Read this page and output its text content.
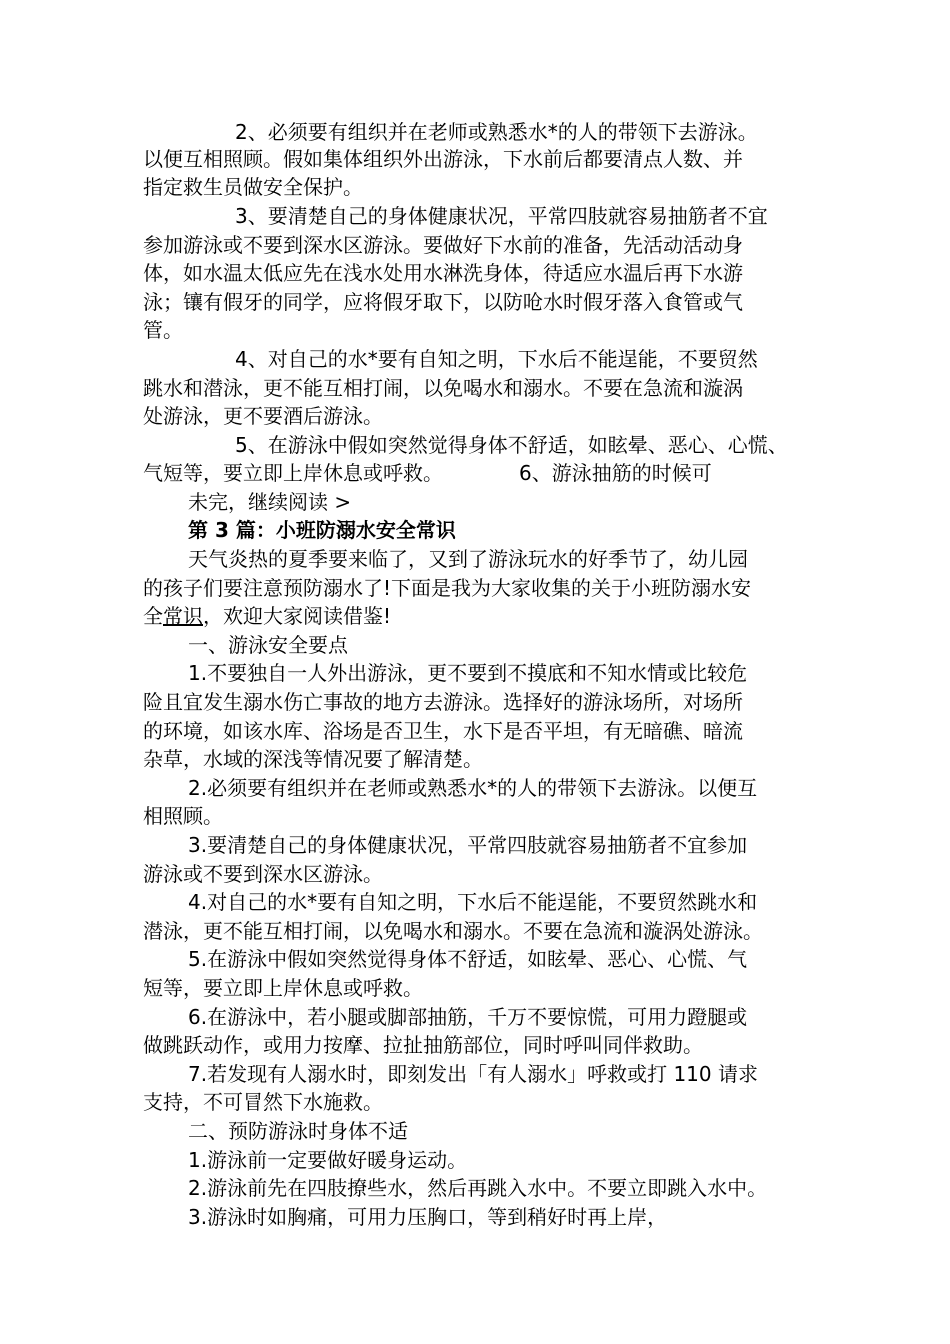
2、必须要有组织并在老师或熟悉水*的人的带领下去游泳。
以便互相照顾。假如集体组织外出游泳，下水前后都要清点人数、并
指定救生员做安全保护。
3、要清楚自己的身体健康状况，平常四肢就容易抽筋者不宜
参加游泳或不要到深水区游泳。要做好下水前的准备，先活动活动身
体，如水温太低应先在浅水处用水淋洗身体，待适应水温后再下水游
泳；镶有假牙的同学，应将假牙取下，以防呛水时假牙落入食管或气
管。
4、对自己的水*要有自知之明，下水后不能逞能，不要贸然
跳水和潜泳，更不能互相打闹，以免喝水和溺水。不要在急流和漩涡
处游泳，更不要酒后游泳。
5、在游泳中假如突然觉得身体不舒适，如眩晕、恶心、心慌、
气短等，要立即上岸休息或呼救。	6、游泳抽筋的时候可
未完，继续阅读 >
第 3 篇：小班防溺水安全常识
天气炎热的夏季要来临了，又到了游泳玩水的好季节了，幼儿园
的孩子们要注意预防溺水了!下面是我为大家收集的关于小班防溺水安
全常识，欢迎大家阅读借鉴!
一、游泳安全要点
1.不要独自一人外出游泳，更不要到不摸底和不知水情或比较危
险且宜发生溺水伤亡事故的地方去游泳。选择好的游泳场所，对场所
的环境，如该水库、浴场是否卫生，水下是否平坦，有无暗礁、暗流
杂草，水域的深浅等情况要了解清楚。
2.必须要有组织并在老师或熟悉水*的人的带领下去游泳。以便互
相照顾。
3.要清楚自己的身体健康状况，平常四肢就容易抽筋者不宜参加
游泳或不要到深水区游泳。
4.对自己的水*要有自知之明，下水后不能逞能，不要贸然跳水和
潜泳，更不能互相打闹，以免喝水和溺水。不要在急流和漩涡处游泳。
5.在游泳中假如突然觉得身体不舒适，如眩晕、恶心、心慌、气
短等，要立即上岸休息或呼救。
6.在游泳中，若小腿或脚部抽筋，千万不要惊慌，可用力蹬腿或
做跳跃动作，或用力按摩、拉扯抽筋部位，同时呼叫同伴救助。
7.若发现有人溺水时，即刻发出「有人溺水」呼救或打 110 请求
支持，不可冒然下水施救。
二、预防游泳时身体不适
1.游泳前一定要做好暖身运动。
2.游泳前先在四肢撩些水，然后再跳入水中。不要立即跳入水中。
3.游泳时如胸痛，可用力压胸口，等到稍好时再上岸，
